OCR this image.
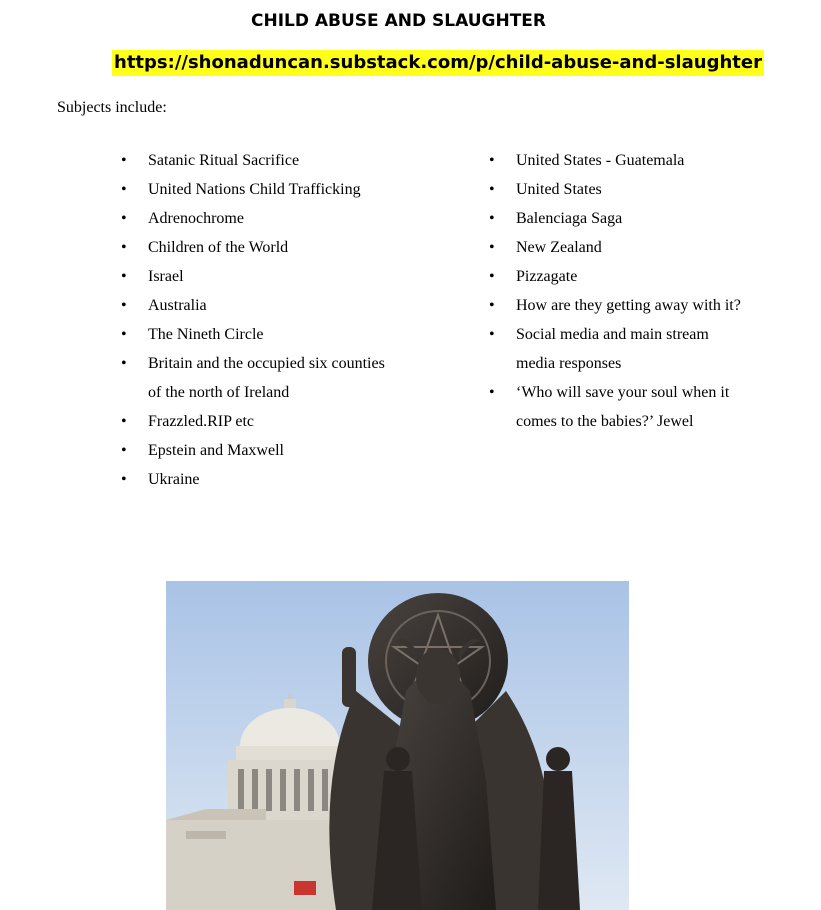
CHILD ABUSE AND SLAUGHTER
https://shonaduncan.substack.com/p/child-abuse-and-slaughter
Subjects include:
• Satanic Ritual Sacrifice
• United Nations Child Trafficking
• Adrenochrome
• Children of the World
• Israel
• Australia
• The Nineth Circle
• Britain and the occupied six counties of the north of Ireland
• Frazzled.RIP etc
• Epstein and Maxwell
• Ukraine
• United States - Guatemala
• United States
• Balenciaga Saga
• New Zealand
• Pizzagate
• How are they getting away with it?
• Social media and main stream media responses
• ‘Who will save your soul when it comes to the babies?’ Jewel
